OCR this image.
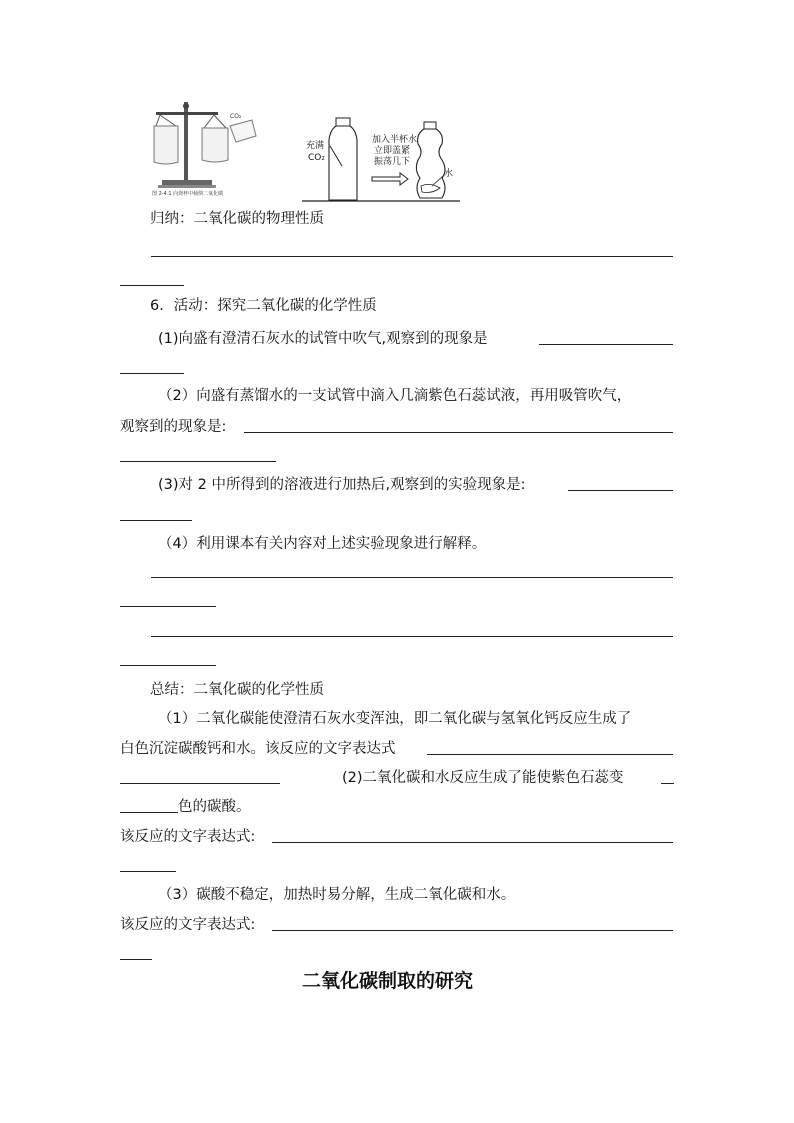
CO₂
图 2-4.1 向烧杯中倾倒二氧化碳
充满
CO₂
加入半杯水
立即盖紧
振荡几下
水
归纳：二氧化碳的物理性质
6．活动：探究二氧化碳的化学性质
(1)向盛有澄清石灰水的试管中吹气,观察到的现象是
（2）向盛有蒸馏水的一支试管中滴入几滴紫色石蕊试液，再用吸管吹气，
观察到的现象是:
(3)对 2 中所得到的溶液进行加热后,观察到的实验现象是:
（4）利用课本有关内容对上述实验现象进行解释。
总结：二氧化碳的化学性质
（1）二氧化碳能使澄清石灰水变浑浊，即二氧化碳与氢氧化钙反应生成了
白色沉淀碳酸钙和水。该反应的文字表达式
(2)二氧化碳和水反应生成了能使紫色石蕊变
色的碳酸。
该反应的文字表达式:
（3）碳酸不稳定，加热时易分解，生成二氧化碳和水。
该反应的文字表达式:
二氧化碳制取的研究
